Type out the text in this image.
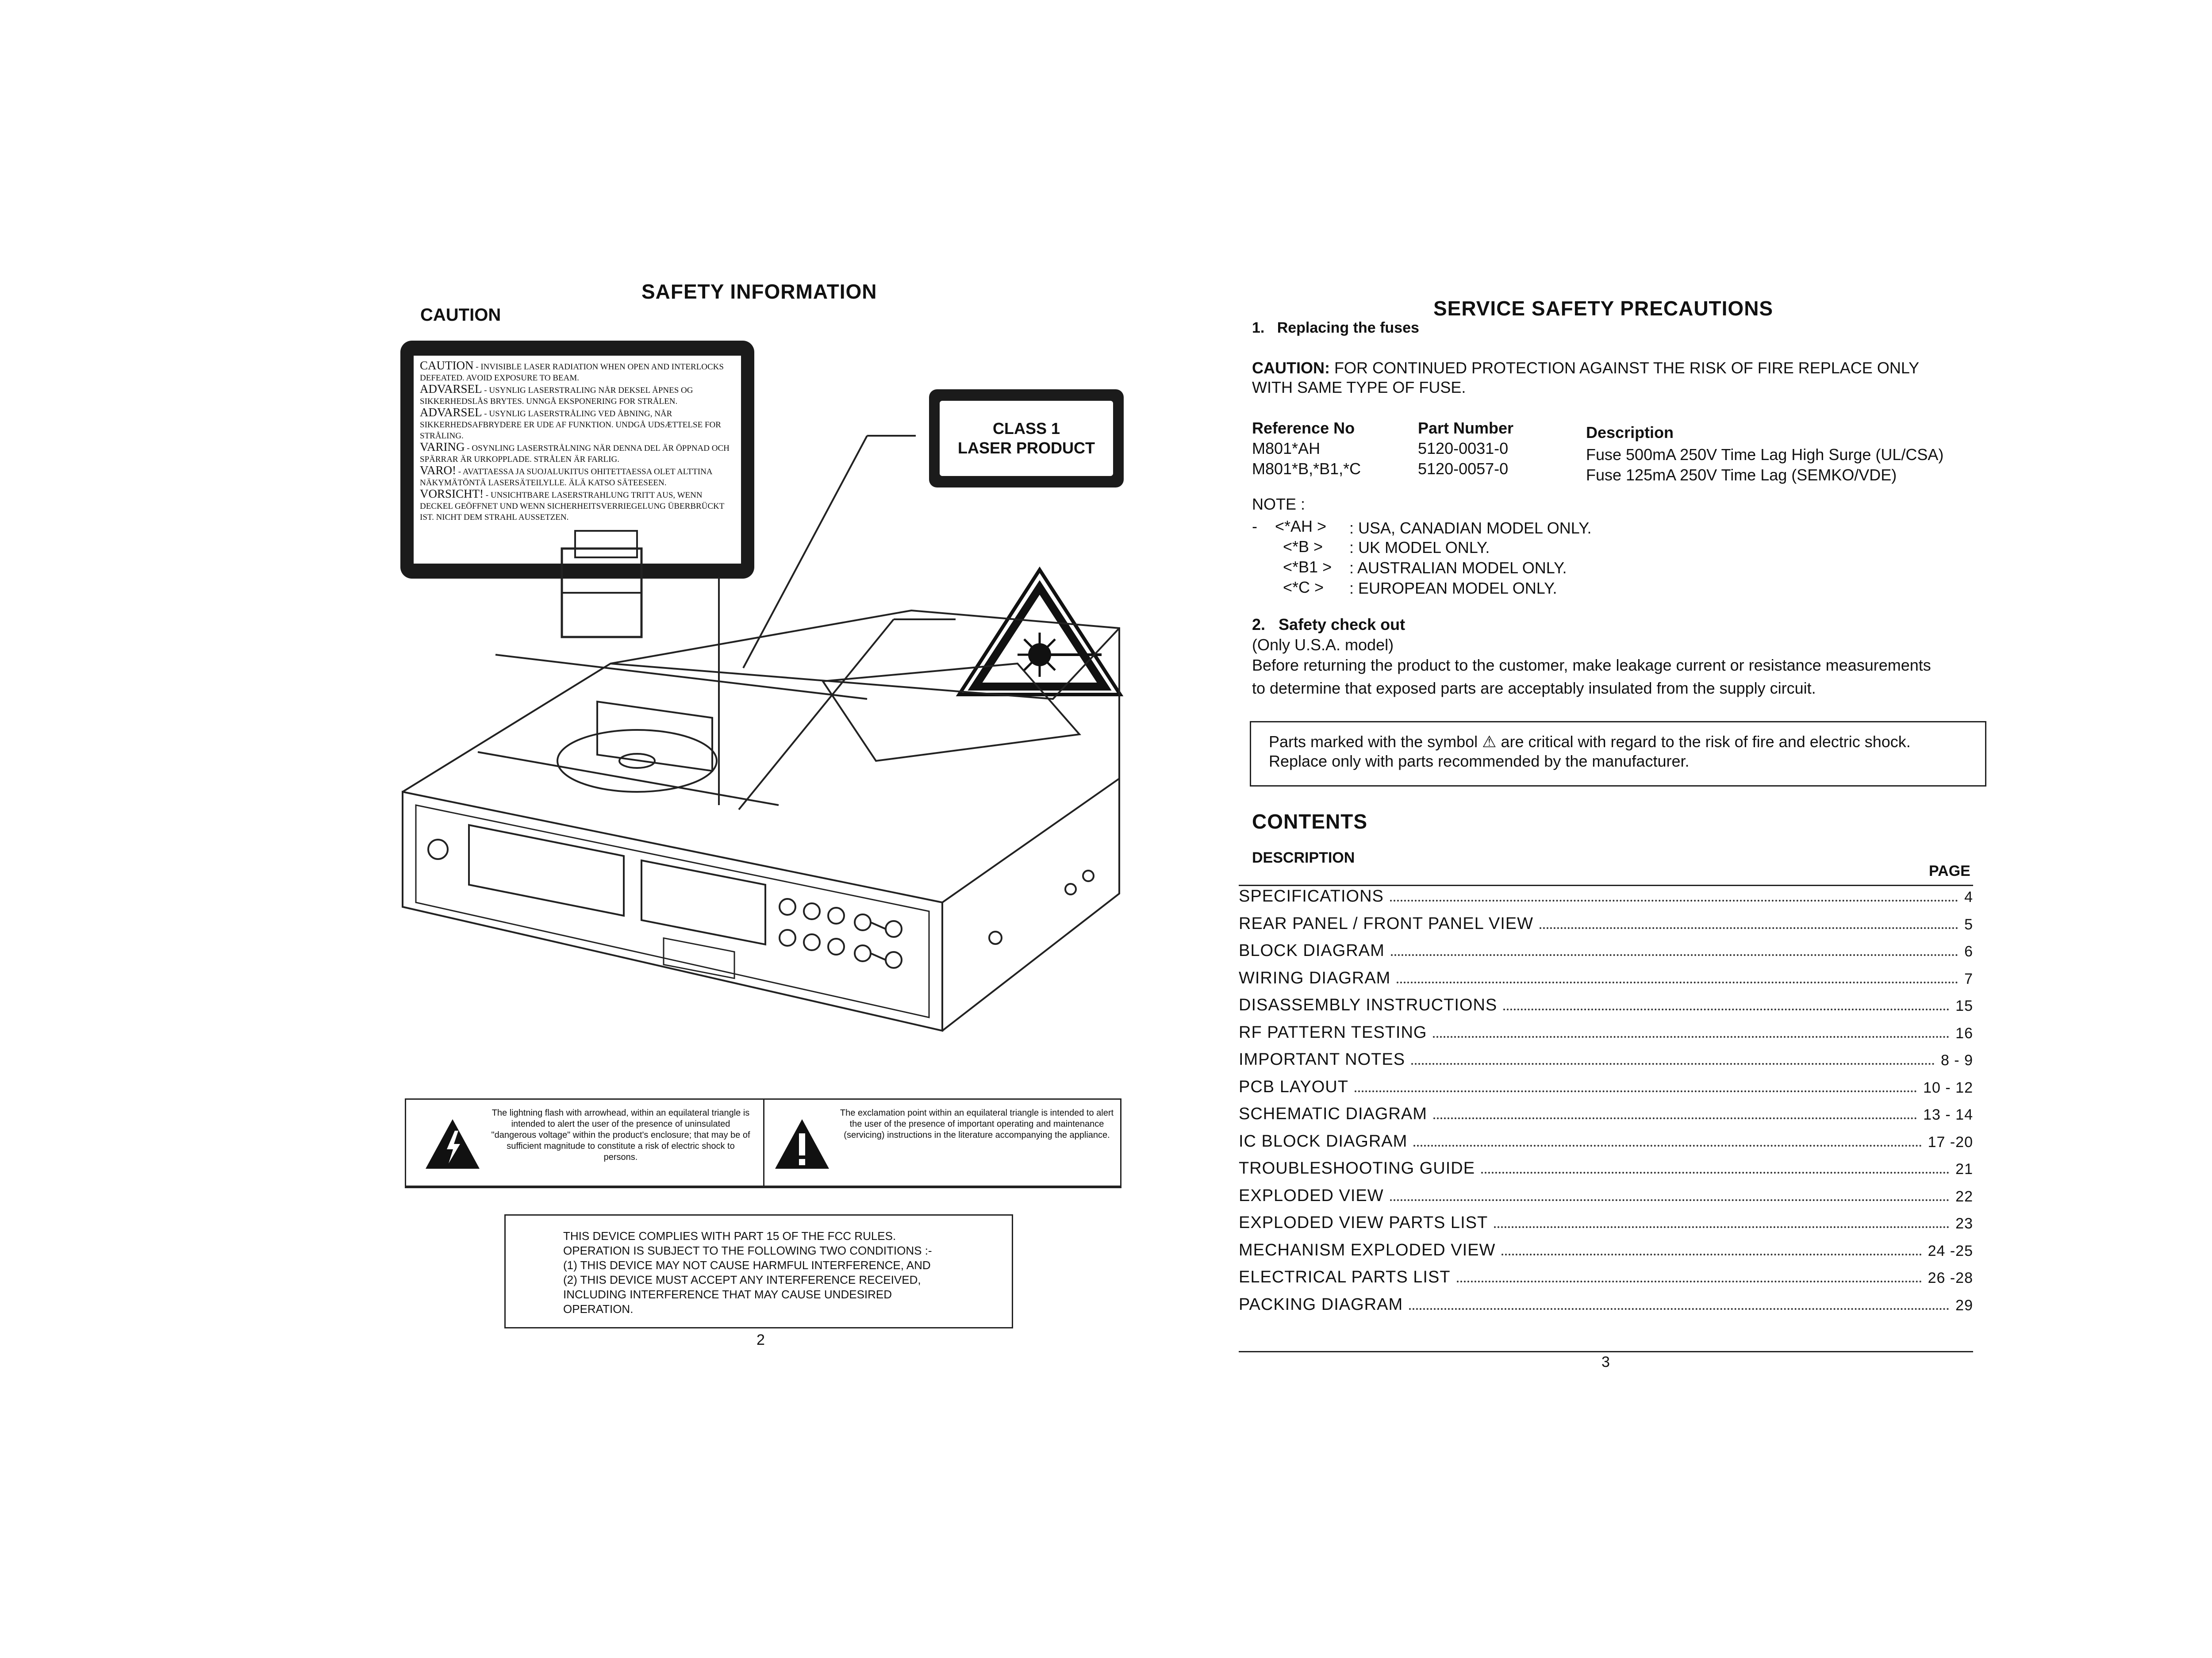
SAFETY INFORMATION
CAUTION
CAUTION - INVISIBLE LASER RADIATION WHEN OPEN AND INTERLOCKS DEFEATED. AVOID EXPOSURE TO BEAM.
ADVARSEL - USYNLIG LASERSTRALING NÅR DEKSEL ÅPNES OG SIKKERHEDSLÅS BRYTES. UNNGÅ EKSPONERING FOR STRÅLEN.
ADVARSEL - USYNLIG LASERSTRÅLING VED ÅBNING, NÅR SIKKERHEDSAFBRYDERE ER UDE AF FUNKTION. UNDGÅ UDSÆTTELSE FOR STRÅLING.
VARING - OSYNLING LASERSTRÅLNING NÄR DENNA DEL ÄR ÖPPNAD OCH SPÄRRAR ÄR URKOPPLADE. STRÅLEN ÄR FARLIG.
VARO! - AVATTAESSA JA SUOJALUKITUS OHITETTAESSA OLET ALTTINA NÄKYMÄTÖNTÄ LASERSÄTEILYLLE. ÄLÄ KATSO SÄTEESEEN.
VORSICHT! - UNSICHTBARE LASERSTRAHLUNG TRITT AUS, WENN DECKEL GEÖFFNET UND WENN SICHERHEITSVERRIEGELUNG ÜBERBRÜCKT IST. NICHT DEM STRAHL AUSSETZEN.
CLASS 1
LASER PRODUCT
The lightning flash with arrowhead, within an equilateral triangle is intended to alert the user of the presence of uninsulated "dangerous voltage" within the product's enclosure; that may be of sufficient magnitude to constitute a risk of electric shock to persons.
The exclamation point within an equilateral triangle is intended to alert the user of the presence of important operating and maintenance (servicing) instructions in the literature accompanying the appliance.
THIS DEVICE COMPLIES WITH PART 15 OF THE FCC RULES.
OPERATION IS SUBJECT TO THE FOLLOWING TWO CONDITIONS :-
(1) THIS DEVICE MAY NOT CAUSE HARMFUL INTERFERENCE, AND
(2) THIS DEVICE MUST ACCEPT ANY INTERFERENCE RECEIVED,
INCLUDING INTERFERENCE THAT MAY CAUSE UNDESIRED
OPERATION.
2
SERVICE SAFETY PRECAUTIONS
1.   Replacing the fuses
CAUTION: FOR CONTINUED PROTECTION AGAINST THE RISK OF FIRE REPLACE ONLY
WITH SAME TYPE OF FUSE.
Reference No	Part Number	Description
M801*AH	5120-0031-0	Fuse 500mA 250V Time Lag High Surge (UL/CSA)
M801*B,*B1,*C	5120-0057-0	Fuse 125mA 250V Time Lag (SEMKO/VDE)
NOTE :
-    <*AH > : USA, CANADIAN MODEL ONLY.
<*B > : UK MODEL ONLY.
<*B1 > : AUSTRALIAN MODEL ONLY.
<*C > : EUROPEAN MODEL ONLY.
2.   Safety check out
(Only U.S.A. model)
Before returning the product to the customer, make leakage current or resistance measurements
to determine that exposed parts are acceptably insulated from the supply circuit.
Parts marked with the symbol ⚠ are critical with regard to the risk of fire and electric shock.
Replace only with parts recommended by the manufacturer.
CONTENTS
DESCRIPTION
PAGE
SPECIFICATIONS	4
REAR PANEL / FRONT PANEL VIEW	5
BLOCK DIAGRAM	6
WIRING DIAGRAM	7
DISASSEMBLY INSTRUCTIONS	15
RF PATTERN TESTING	16
IMPORTANT NOTES	8 - 9
PCB LAYOUT	10 - 12
SCHEMATIC DIAGRAM	13 - 14
IC BLOCK DIAGRAM	17 -20
TROUBLESHOOTING GUIDE	21
EXPLODED VIEW	22
EXPLODED VIEW PARTS LIST	23
MECHANISM EXPLODED VIEW	24 -25
ELECTRICAL PARTS LIST	26 -28
PACKING DIAGRAM	29
3
